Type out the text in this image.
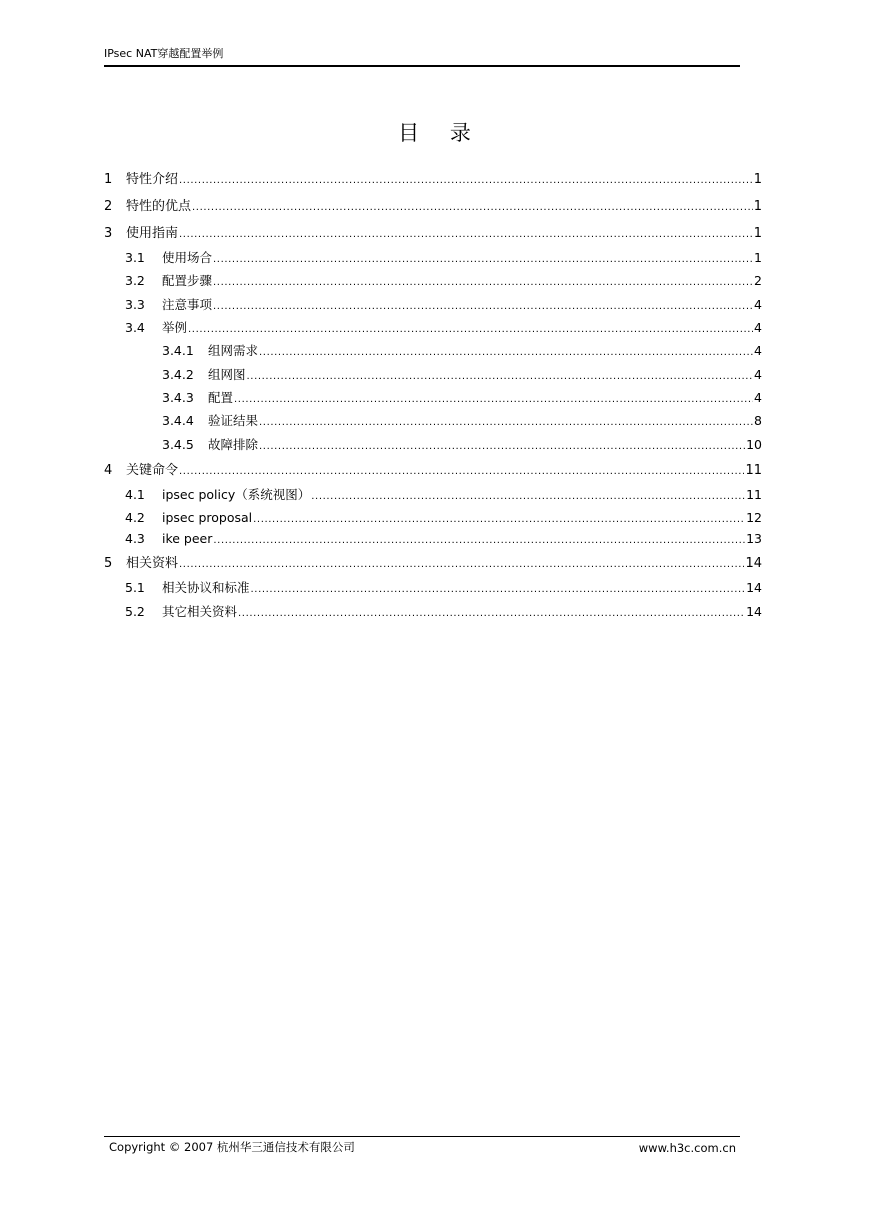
IPsec NAT穿越配置举例
目 录
1	特性介绍 .....	1
2	特性的优点 .....	1
3	使用指南 .....	1
3.1	使用场合 .....	1
3.2	配置步骤 .....	2
3.3	注意事项 .....	4
3.4	举例 .....	4
3.4.1	组网需求 .....	4
3.4.2	组网图 .....	4
3.4.3	配置 .....	4
3.4.4	验证结果 .....	8
3.4.5	故障排除 .....	10
4	关键命令 .....	11
4.1	ipsec policy（系统视图） .....	11
4.2	ipsec proposal .....	12
4.3	ike peer .....	13
5	相关资料 .....	14
5.1	相关协议和标准 .....	14
5.2	其它相关资料 .....	14
Copyright © 2007 杭州华三通信技术有限公司	www.h3c.com.cn
